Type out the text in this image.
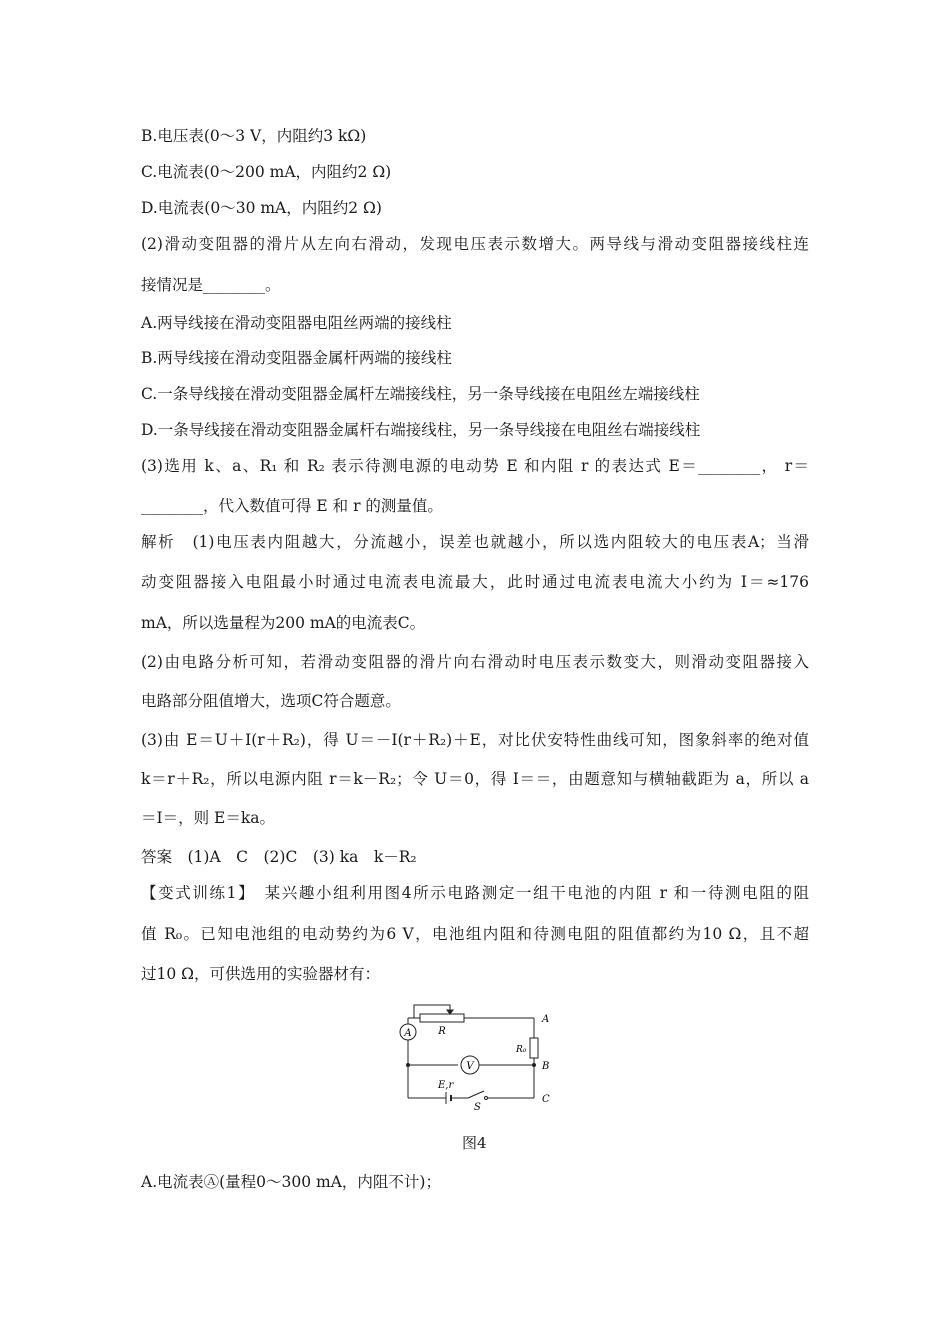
B.电压表(0～3 V，内阻约3 kΩ)
C.电流表(0～200 mA，内阻约2 Ω)
D.电流表(0～30 mA，内阻约2 Ω)
(2)滑动变阻器的滑片从左向右滑动，发现电压表示数增大。两导线与滑动变阻器接线柱连
接情况是________。
A.两导线接在滑动变阻器电阻丝两端的接线柱
B.两导线接在滑动变阻器金属杆两端的接线柱
C.一条导线接在滑动变阻器金属杆左端接线柱，另一条导线接在电阻丝左端接线柱
D.一条导线接在滑动变阻器金属杆右端接线柱，另一条导线接在电阻丝右端接线柱
(3)选用 k、a、R₁ 和 R₂ 表示待测电源的电动势 E 和内阻 r 的表达式 E＝________， r＝
________，代入数值可得 E 和 r 的测量值。
解析　(1)电压表内阻越大，分流越小，误差也就越小，所以选内阻较大的电压表A；当滑
动变阻器接入电阻最小时通过电流表电流最大，此时通过电流表电流大小约为 I＝≈176
mA，所以选量程为200 mA的电流表C。
(2)由电路分析可知，若滑动变阻器的滑片向右滑动时电压表示数变大，则滑动变阻器接入
电路部分阻值增大，选项C符合题意。
(3)由 E＝U＋I(r＋R₂)，得 U＝－I(r＋R₂)＋E，对比伏安特性曲线可知，图象斜率的绝对值
k＝r＋R₂，所以电源内阻 r＝k－R₂；令 U＝0，得 I＝＝，由题意知与横轴截距为 a，所以 a
＝I＝，则 E＝ka。
答案　(1)A　C　(2)C　(3) ka　k－R₂
【变式训练1】　某兴趣小组利用图4所示电路测定一组干电池的内阻 r 和一待测电阻的阻
值 R₀。已知电池组的电动势约为6 V，电池组内阻和待测电阻的阻值都约为10 Ω，且不超
过10 Ω，可供选用的实验器材有：
A
V
R
R₀
A
B
C
E,r
S
图4
A.电流表Ⓐ(量程0～300 mA，内阻不计)；
